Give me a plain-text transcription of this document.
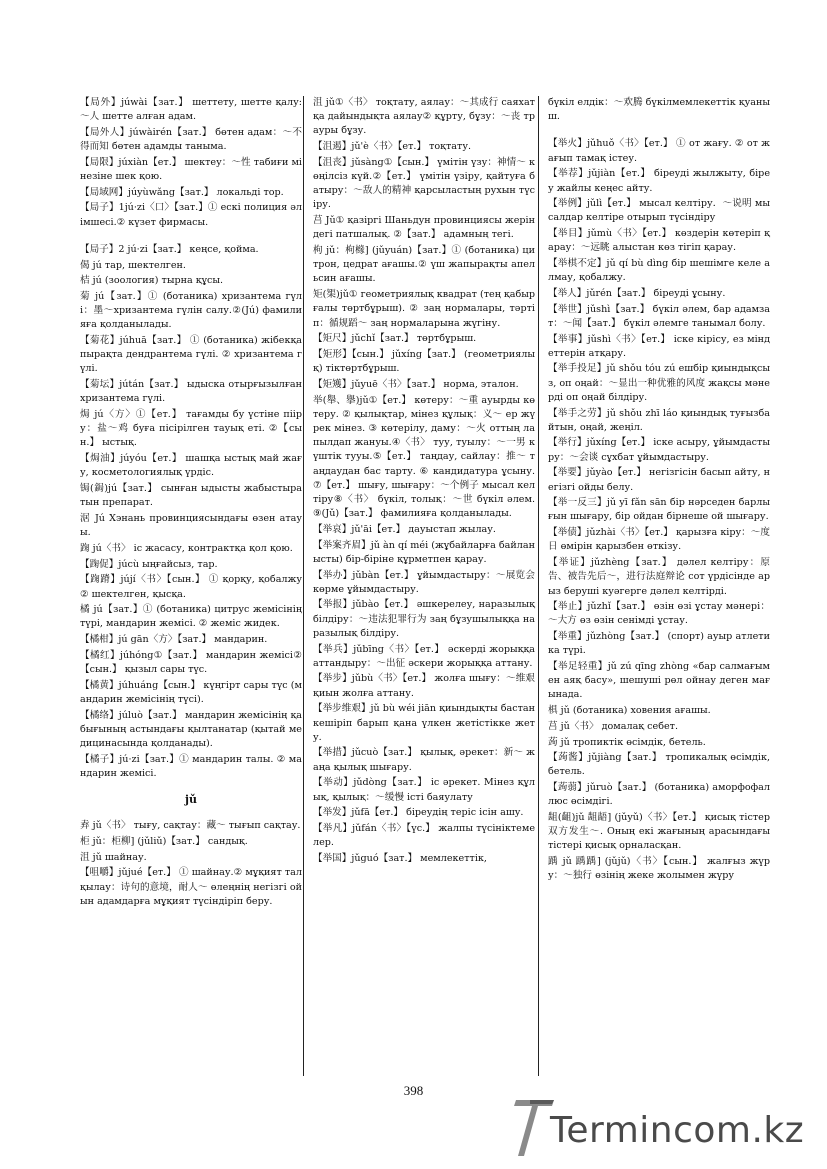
【局外】júwài【зат.】 шеттету, шетте қалу: ～人 шетте алған адам.
【局外人】júwàirén【зат.】 бөтен адам：～不得而知 бөтен адамды таныма.
【局限】júxiàn【ет.】 шектеу：～性 табиғи мінезіне шек қою.
【局域网】júyùwǎng【зат.】 локальді тор.
【局子】1jú·zi〈口〉【зат.】① ескі полиция әлімшесі.② күзет фирмасы.
【局子】2 jú·zi【зат.】 кеңсе, қойма.
偈 jú тар, шектелген.
桔 jú (зоология) тырна құсы.
菊 jú【зат.】① (ботаника) хризантема гүлі：墨～хризантема гүлін салу.②(Jú) фамилияға қолданылады.
【菊花】júhuā【зат.】 ① (ботаника) жібекқапырақта дендрантема гүлі. ② хризантема гүлі.
【菊坛】jútán【зат.】 ыдыска отырғызылған хризантема гүлі.
焗 jú〈方〉①【ет.】 тағамды бу үстіне піiру：盐～鸡 буға пісірілген тауық еті. ②【сын.】 ыстық.
【焗油】júyóu【ет.】 шашқа ыстық май жағу, косметологиялық үрдіс.
锔(鋦)jú【зат.】 сынған ыдысты жабыстыратын препарат.
涺 Jú Хэнань провинциясындағы өзен атауы.
踘 jú〈书〉 іс жасасу, контрактқа қол қою.
【踘促】júcù ыңғайсыз, тар.
【踘蹐】jújí〈书〉【сын.】 ① қорқу, қобалжу② шектелген, қысқа.
橘 jú【зат.】① (ботаника) цитрус жемісінің түрі, мандарин жемісі. ② жеміс жидек.
【橘柑】jú gān〈方〉【зат.】 мандарин.
【橘红】júhóng①【зат.】 мандарин жемісі②【сын.】 қызыл сары түс.
【橘黄】júhuáng【сын.】 күңгірт сары түс (мандарин жемісінің түсі).
【橘络】júluò【зат.】 мандарин жемісінің қабығының астындағы қылтанатар (қытай медицинасында қолданады).
【橘子】jú·zi【зат.】① мандарин талы. ② мандарин жемісі.
jǔ
弆 jǔ〈书〉 тығу, сақтау：藏～ тығып сақтау.
柜 jǔ：柜柳] (jǔliǔ)【зат.】 сандық.
沮 jǔ шайнау.
【咀嚼】jǔjué【ет.】 ① шайнау.② мұқият талқылау：诗句的意境，耐人～ өлеңнің негізгі ойын адамдарға мұқият түсіндіріп беру.
沮 jǔ①〈书〉 тоқтату, аялау：～其成行 саяхатқа дайындықта аялау② құрту, бұзу：～丧 трауры бұзу.
【沮遏】jǔ'è〈书〉【ет.】 тоқтату.
【沮丧】jǔsàng①【сын.】 үмітін үзу：神情～ көңілсіз күй.②【ет.】 үмітін үзіру, қайтуға батыру：～敌人的精神 қарсыластың рухын түсіру.
莒 Jǔ① қазіргі Шаньдун провинциясы жеріндегі патшалық. ②【зат.】 адамның тегі.
枸 jǔ：枸橼] (jǔyuán)【зат.】① (ботаника) цитрон, цедрат ағашы.② үш жапырақты апельсин ағашы.
矩(榘)jǔ① геометриялық квадрат (тең қабырғалы төртбұрыш). ② заң нормалары, тәртіп：循规蹈～ заң нормаларына жүгіну.
【矩尺】jǔchǐ【зат.】 төртбұрыш.
【矩形】【сын.】 jǔxíng【зат.】 (геометриялық) тіктөртбұрыш.
【矩矱】jǔyuē〈书〉【зат.】 норма, эталон.
举(舉、擧)jǔ①【ет.】 көтеру：～重 ауырды көтеру. ② қылықтар, мінез құлық：义～ ер жүрек мінез. ③ көтерілу, даму：～火 оттың лапылдап жануы.④〈书〉 туу, туылу：～一男 күштік тууы.⑤【ет.】 таңдау, сайлау：推～ таңдаудан бас тарту. ⑥ кандидатура ұсыну.⑦【ет.】 шығу, шығару：～个例子 мысал келтіру⑧〈书〉 бүкіл, толық：～世 бүкіл әлем. ⑨(Jǔ)【зат.】 фамилияға қолданылады.
【举哀】jǔ'āi【ет.】 дауыстап жылау.
【举案齐眉】jǔ àn qí méi (жұбайларға байланысты) бір-біріне құрметпен қарау.
【举办】jǔbàn【ет.】 ұйымдастыру：～展览会 көрме ұйымдастыру.
【举报】jǔbào【ет.】 әшкерелеу, наразылық білдіру：～违法犯罪行为 заң бұзушылыққа наразылық білдіру.
【举兵】jǔbīng〈书〉【ет.】 әскерді жорыққа аттандыру：～出征 әскери жорыққа аттану.
【举步】jǔbù〈书〉【ет.】 жолға шығу：～维艰 қиын жолға аттану.
【举步维艰】jǔ bù wéi jiān қиындықты бастан кешіріп барып қана үлкен жетістікке жету.
【举措】jǔcuò【зат.】 қылық, әрекет：新～ жаңа қылық шығару.
【举动】jǔdòng【зат.】 іс әрекет. Мінез құлық, қылық：～缓慢 істі баяулату
【举发】jǔfā【ет.】 біреудің теріс ісін ашу.
【举凡】jǔfán〈书〉【үс.】 жалпы түсініктемелер.
【举国】jǔguó【зат.】 мемлекеттік,
бүкіл елдік：～欢腾 бүкілмемлекеттік қуаныш.
【举火】jǔhuǒ〈书〉【ет.】 ① от жағу. ② от жағып тамақ істеу.
【举荐】jǔjiàn【ет.】 біреуді жылжыту, біреу жайлы кеңес айту.
【举例】jǔlì【ет.】 мысал келтіру．～说明 мысалдар келтіре отырып түсіндіру
【举目】jǔmù〈书〉【ет.】 көздерін көтеріп қарау：～远眺 алыстан көз тігіп қарау.
【举棋不定】jǔ qí bù dìng бір шешімге келе алмау, қобалжу.
【举人】jǔrén【зат.】 біреуді ұсыну.
【举世】jǔshì【зат.】 бүкіл әлем, бар адамзат：～闻【зат.】 бүкіл әлемге танымал болу.
【举事】jǔshì〈书〉【ет.】 іске кірісу, ез міндеттерін атқару.
【举手投足】jǔ shǒu tóu zú ешбір қиындықсыз, оп оңай：～显出一种优雅的风度 жақсы мәнерді оп оңай білдіру.
【举手之劳】jǔ shǒu zhī láo қиындық туғызбайтын, оңай, жеңіл.
【举行】jǔxíng【ет.】 іске асыру, ұйымдастыру：～会谈 сұхбат ұйымдастыру.
【举要】jǔyào【ет.】 негізгісін басып айту, негізгі ойды белу.
【举一反三】jǔ yī fǎn sān бір нәрседен барлығын шығару, бір ойдан бірнеше ой шығару.
【举债】jǔzhài〈书〉【ет.】 қарызға кіру：～度日 өмірін қарызбен өткізу.
【举证】jǔzhèng【зат.】 дәлел келтіру：原告、被告先后～，进行法庭辩论 сот үрдісінде арыз беруші куәгерге дәлел келтірді.
【举止】jǔzhǐ【зат.】 өзін өзі ұстау мәнері：～大方 өз өзін сенімді ұстау.
【举重】jǔzhòng【зат.】 (спорт) ауыр атлетика түрі.
【举足轻重】jǔ zú qīng zhòng «бар салмағымен аяқ басу», шешуші рөл ойнау деген мағынада.
椇 jǔ (ботаника) ховения ағашы.
莒 jǔ〈书〉 домалақ себет.
蒟 jǔ тропиктік өсімдік, бетель.
【蒟酱】jǔjiàng【зат.】 тропикалық өсімдік, бетель.
【蒟蒻】jǔruò【зат.】 (ботаника) аморфофаллюс өсімдігі.
龃(齟)jǔ 龃龉] (jǔyǔ)〈书〉【ет.】 қисық тістер 双方发生～. Оның екі жағының арасындағы тістері қисық орналасқан.
踽 jǔ 踽踽] (jǔjǔ)〈书〉【сын.】 жалғыз жүру：～独行 өзінің жеке жолымен жүру
398
Termincom.kz
